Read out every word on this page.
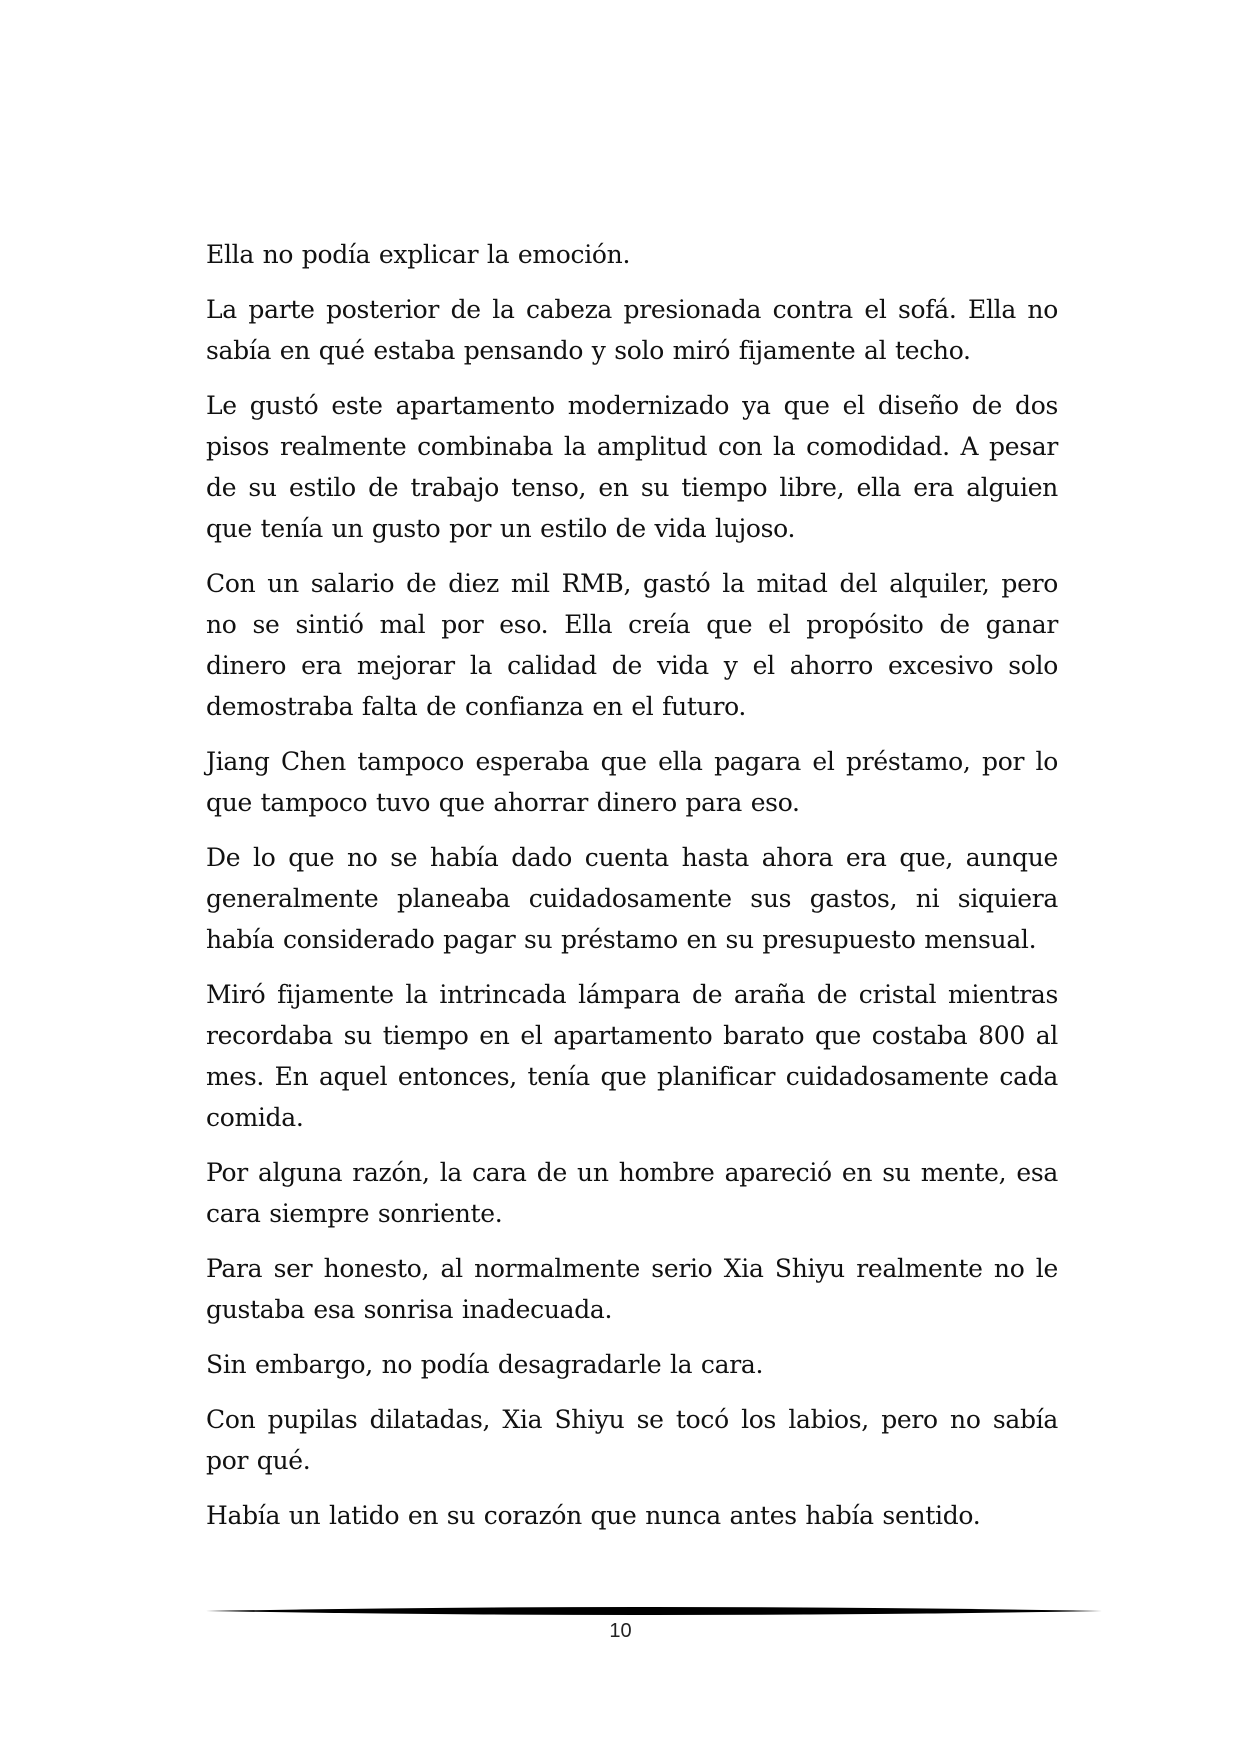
Ella no podía explicar la emoción.

La parte posterior de la cabeza presionada contra el sofá. Ella no sabía en qué estaba pensando y solo miró fijamente al techo.

Le gustó este apartamento modernizado ya que el diseño de dos pisos realmente combinaba la amplitud con la comodidad. A pesar de su estilo de trabajo tenso, en su tiempo libre, ella era alguien que tenía un gusto por un estilo de vida lujoso.

Con un salario de diez mil RMB, gastó la mitad del alquiler, pero no se sintió mal por eso. Ella creía que el propósito de ganar dinero era mejorar la calidad de vida y el ahorro excesivo solo demostraba falta de confianza en el futuro.

Jiang Chen tampoco esperaba que ella pagara el préstamo, por lo que tampoco tuvo que ahorrar dinero para eso.

De lo que no se había dado cuenta hasta ahora era que, aunque generalmente planeaba cuidadosamente sus gastos, ni siquiera había considerado pagar su préstamo en su presupuesto mensual.

Miró fijamente la intrincada lámpara de araña de cristal mientras recordaba su tiempo en el apartamento barato que costaba 800 al mes. En aquel entonces, tenía que planificar cuidadosamente cada comida.

Por alguna razón, la cara de un hombre apareció en su mente, esa cara siempre sonriente.

Para ser honesto, al normalmente serio Xia Shiyu realmente no le gustaba esa sonrisa inadecuada.

Sin embargo, no podía desagradarle la cara.

Con pupilas dilatadas, Xia Shiyu se tocó los labios, pero no sabía por qué.

Había un latido en su corazón que nunca antes había sentido.

10
